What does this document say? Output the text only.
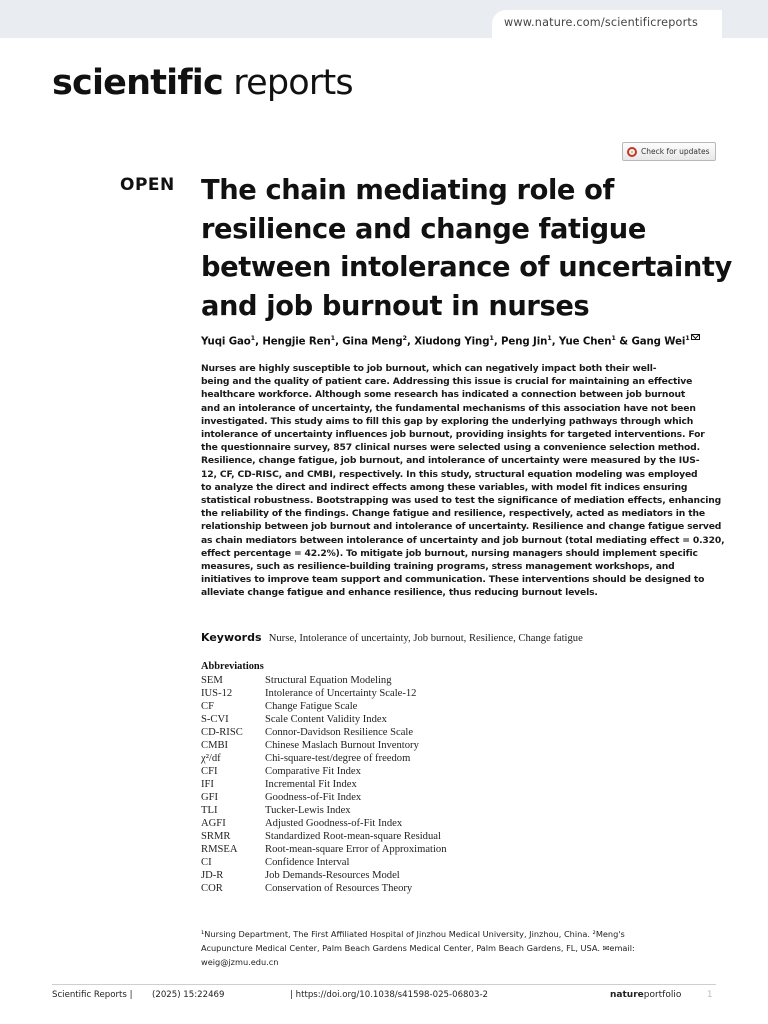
www.nature.com/scientificreports
scientific reports
Check for updates
OPEN The chain mediating role of
resilience and change fatigue
between intolerance of uncertainty
and job burnout in nurses
Yuqi Gao$^1$, Hengjie Ren$^1$, Gina Meng$^2$, Xiudong Ying$^1$, Peng Jin$^1$, Yue Chen$^1$ & Gang Wei$^1$
Nurses are highly susceptible to job burnout, which can negatively impact both their well-
being and the quality of patient care. Addressing this issue is crucial for maintaining an effective
healthcare workforce. Although some research has indicated a connection between job burnout
and an intolerance of uncertainty, the fundamental mechanisms of this association have not been
investigated. This study aims to fill this gap by exploring the underlying pathways through which
intolerance of uncertainty influences job burnout, providing insights for targeted interventions. For
the questionnaire survey, 857 clinical nurses were selected using a convenience selection method.
Resilience, change fatigue, job burnout, and intolerance of uncertainty were measured by the IUS-
12, CF, CD-RISC, and CMBI, respectively. In this study, structural equation modeling was employed
to analyze the direct and indirect effects among these variables, with model fit indices ensuring
statistical robustness. Bootstrapping was used to test the significance of mediation effects, enhancing
the reliability of the findings. Change fatigue and resilience, respectively, acted as mediators in the
relationship between job burnout and intolerance of uncertainty. Resilience and change fatigue served
as chain mediators between intolerance of uncertainty and job burnout (total mediating effect = 0.320,
effect percentage = 42.2%). To mitigate job burnout, nursing managers should implement specific
measures, such as resilience-building training programs, stress management workshops, and
initiatives to improve team support and communication. These interventions should be designed to
alleviate change fatigue and enhance resilience, thus reducing burnout levels.
Keywords Nurse, Intolerance of uncertainty, Job burnout, Resilience, Change fatigue
Abbreviations
SEM	Structural Equation Modeling
IUS-12	Intolerance of Uncertainty Scale-12
CF	Change Fatigue Scale
S-CVI	Scale Content Validity Index
CD-RISC	Connor-Davidson Resilience Scale
CMBI	Chinese Maslach Burnout Inventory
χ²/df	Chi-square-test/degree of freedom
CFI	Comparative Fit Index
IFI	Incremental Fit Index
GFI	Goodness-of-Fit Index
TLI	Tucker-Lewis Index
AGFI	Adjusted Goodness-of-Fit Index
SRMR	Standardized Root-mean-square Residual
RMSEA	Root-mean-square Error of Approximation
CI	Confidence Interval
JD-R	Job Demands-Resources Model
COR	Conservation of Resources Theory
¹Nursing Department, The First Affiliated Hospital of Jinzhou Medical University, Jinzhou, China. ²Meng's
Acupuncture Medical Center, Palm Beach Gardens Medical Center, Palm Beach Gardens, FL, USA. ✉email:
weig@jzmu.edu.cn
Scientific Reports | (2025) 15:22469	| https://doi.org/10.1038/s41598-025-06803-2	natureportfolio	1
